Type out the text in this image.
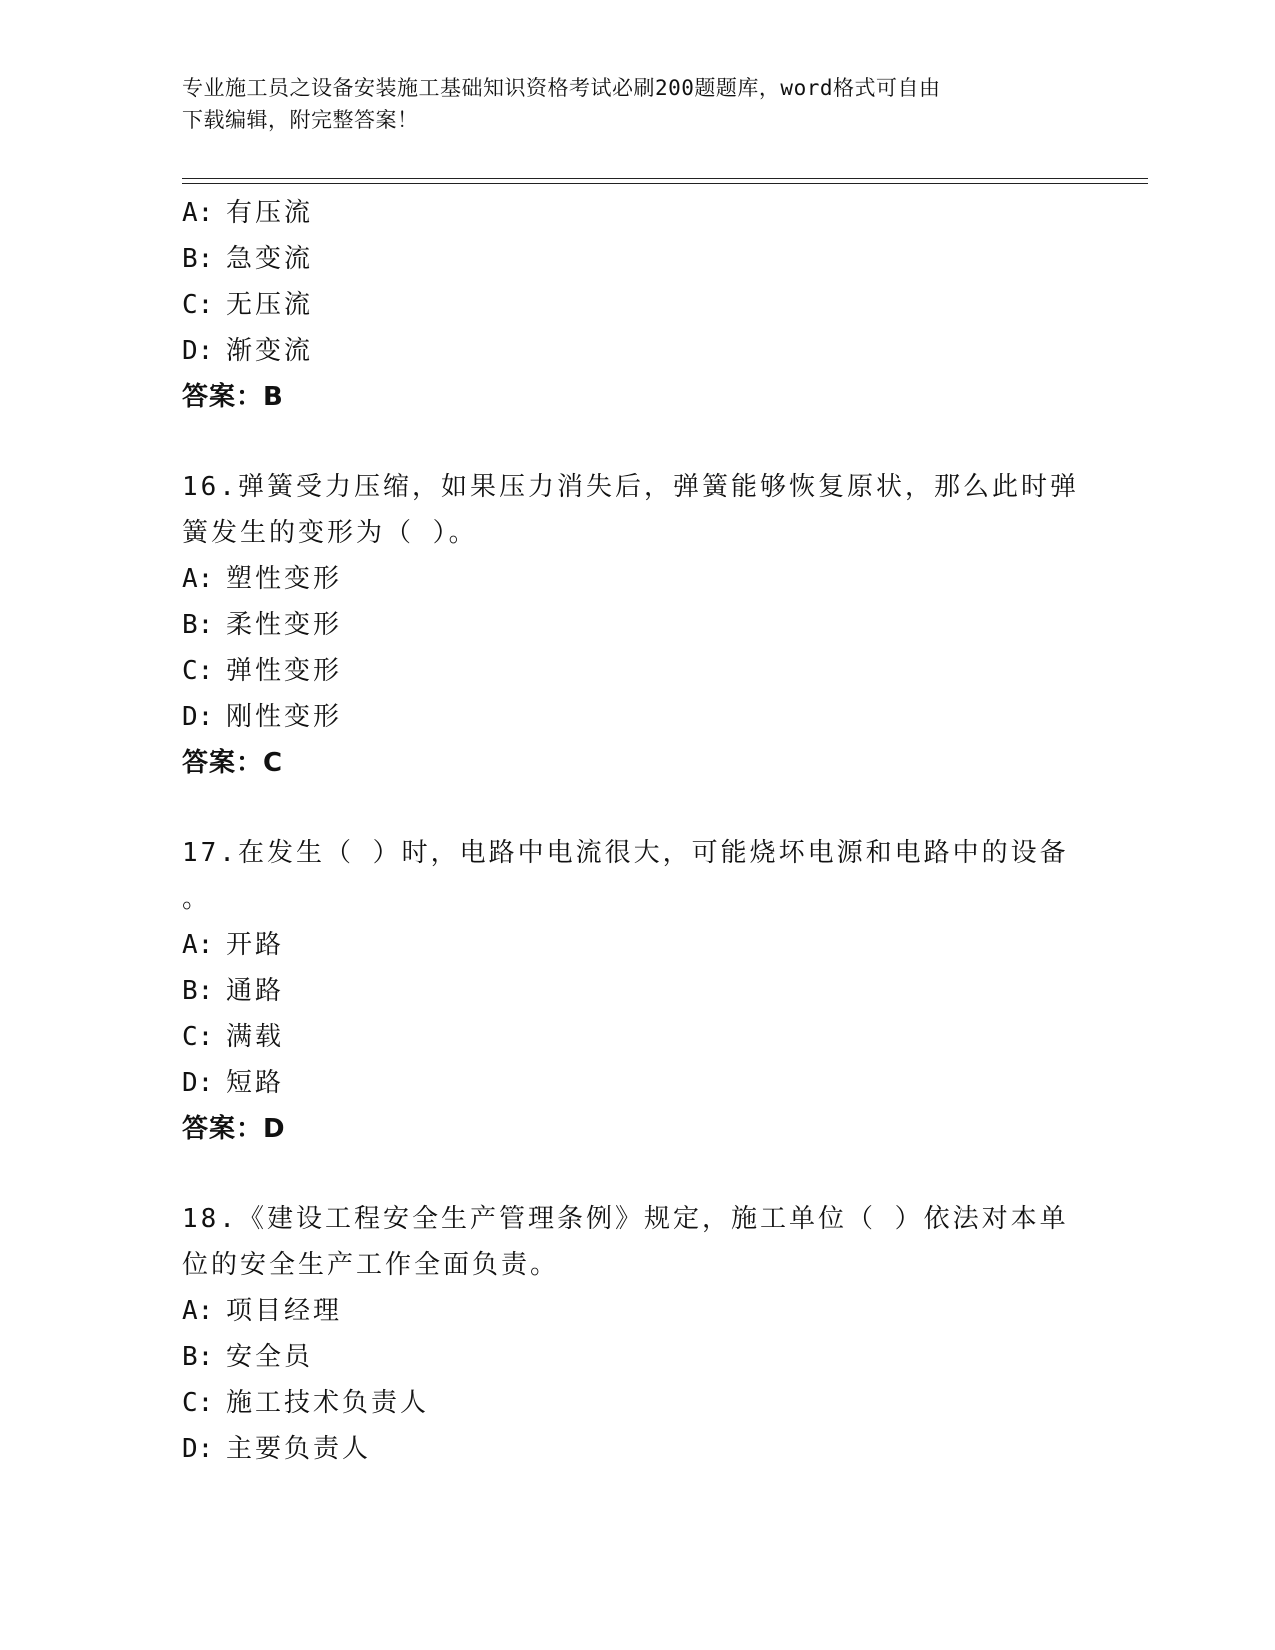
专业施工员之设备安装施工基础知识资格考试必刷200题题库，word格式可自由
下载编辑，附完整答案！
A: 有压流
B: 急变流
C: 无压流
D: 渐变流
答案：B
16.弹簧受力压缩，如果压力消失后，弹簧能够恢复原状，那么此时弹
簧发生的变形为（ ）。
A: 塑性变形
B: 柔性变形
C: 弹性变形
D: 刚性变形
答案：C
17.在发生（ ）时，电路中电流很大，可能烧坏电源和电路中的设备
。
A: 开路
B: 通路
C: 满载
D: 短路
答案：D
18.《建设工程安全生产管理条例》规定，施工单位（ ）依法对本单
位的安全生产工作全面负责。
A: 项目经理
B: 安全员
C: 施工技术负责人
D: 主要负责人
